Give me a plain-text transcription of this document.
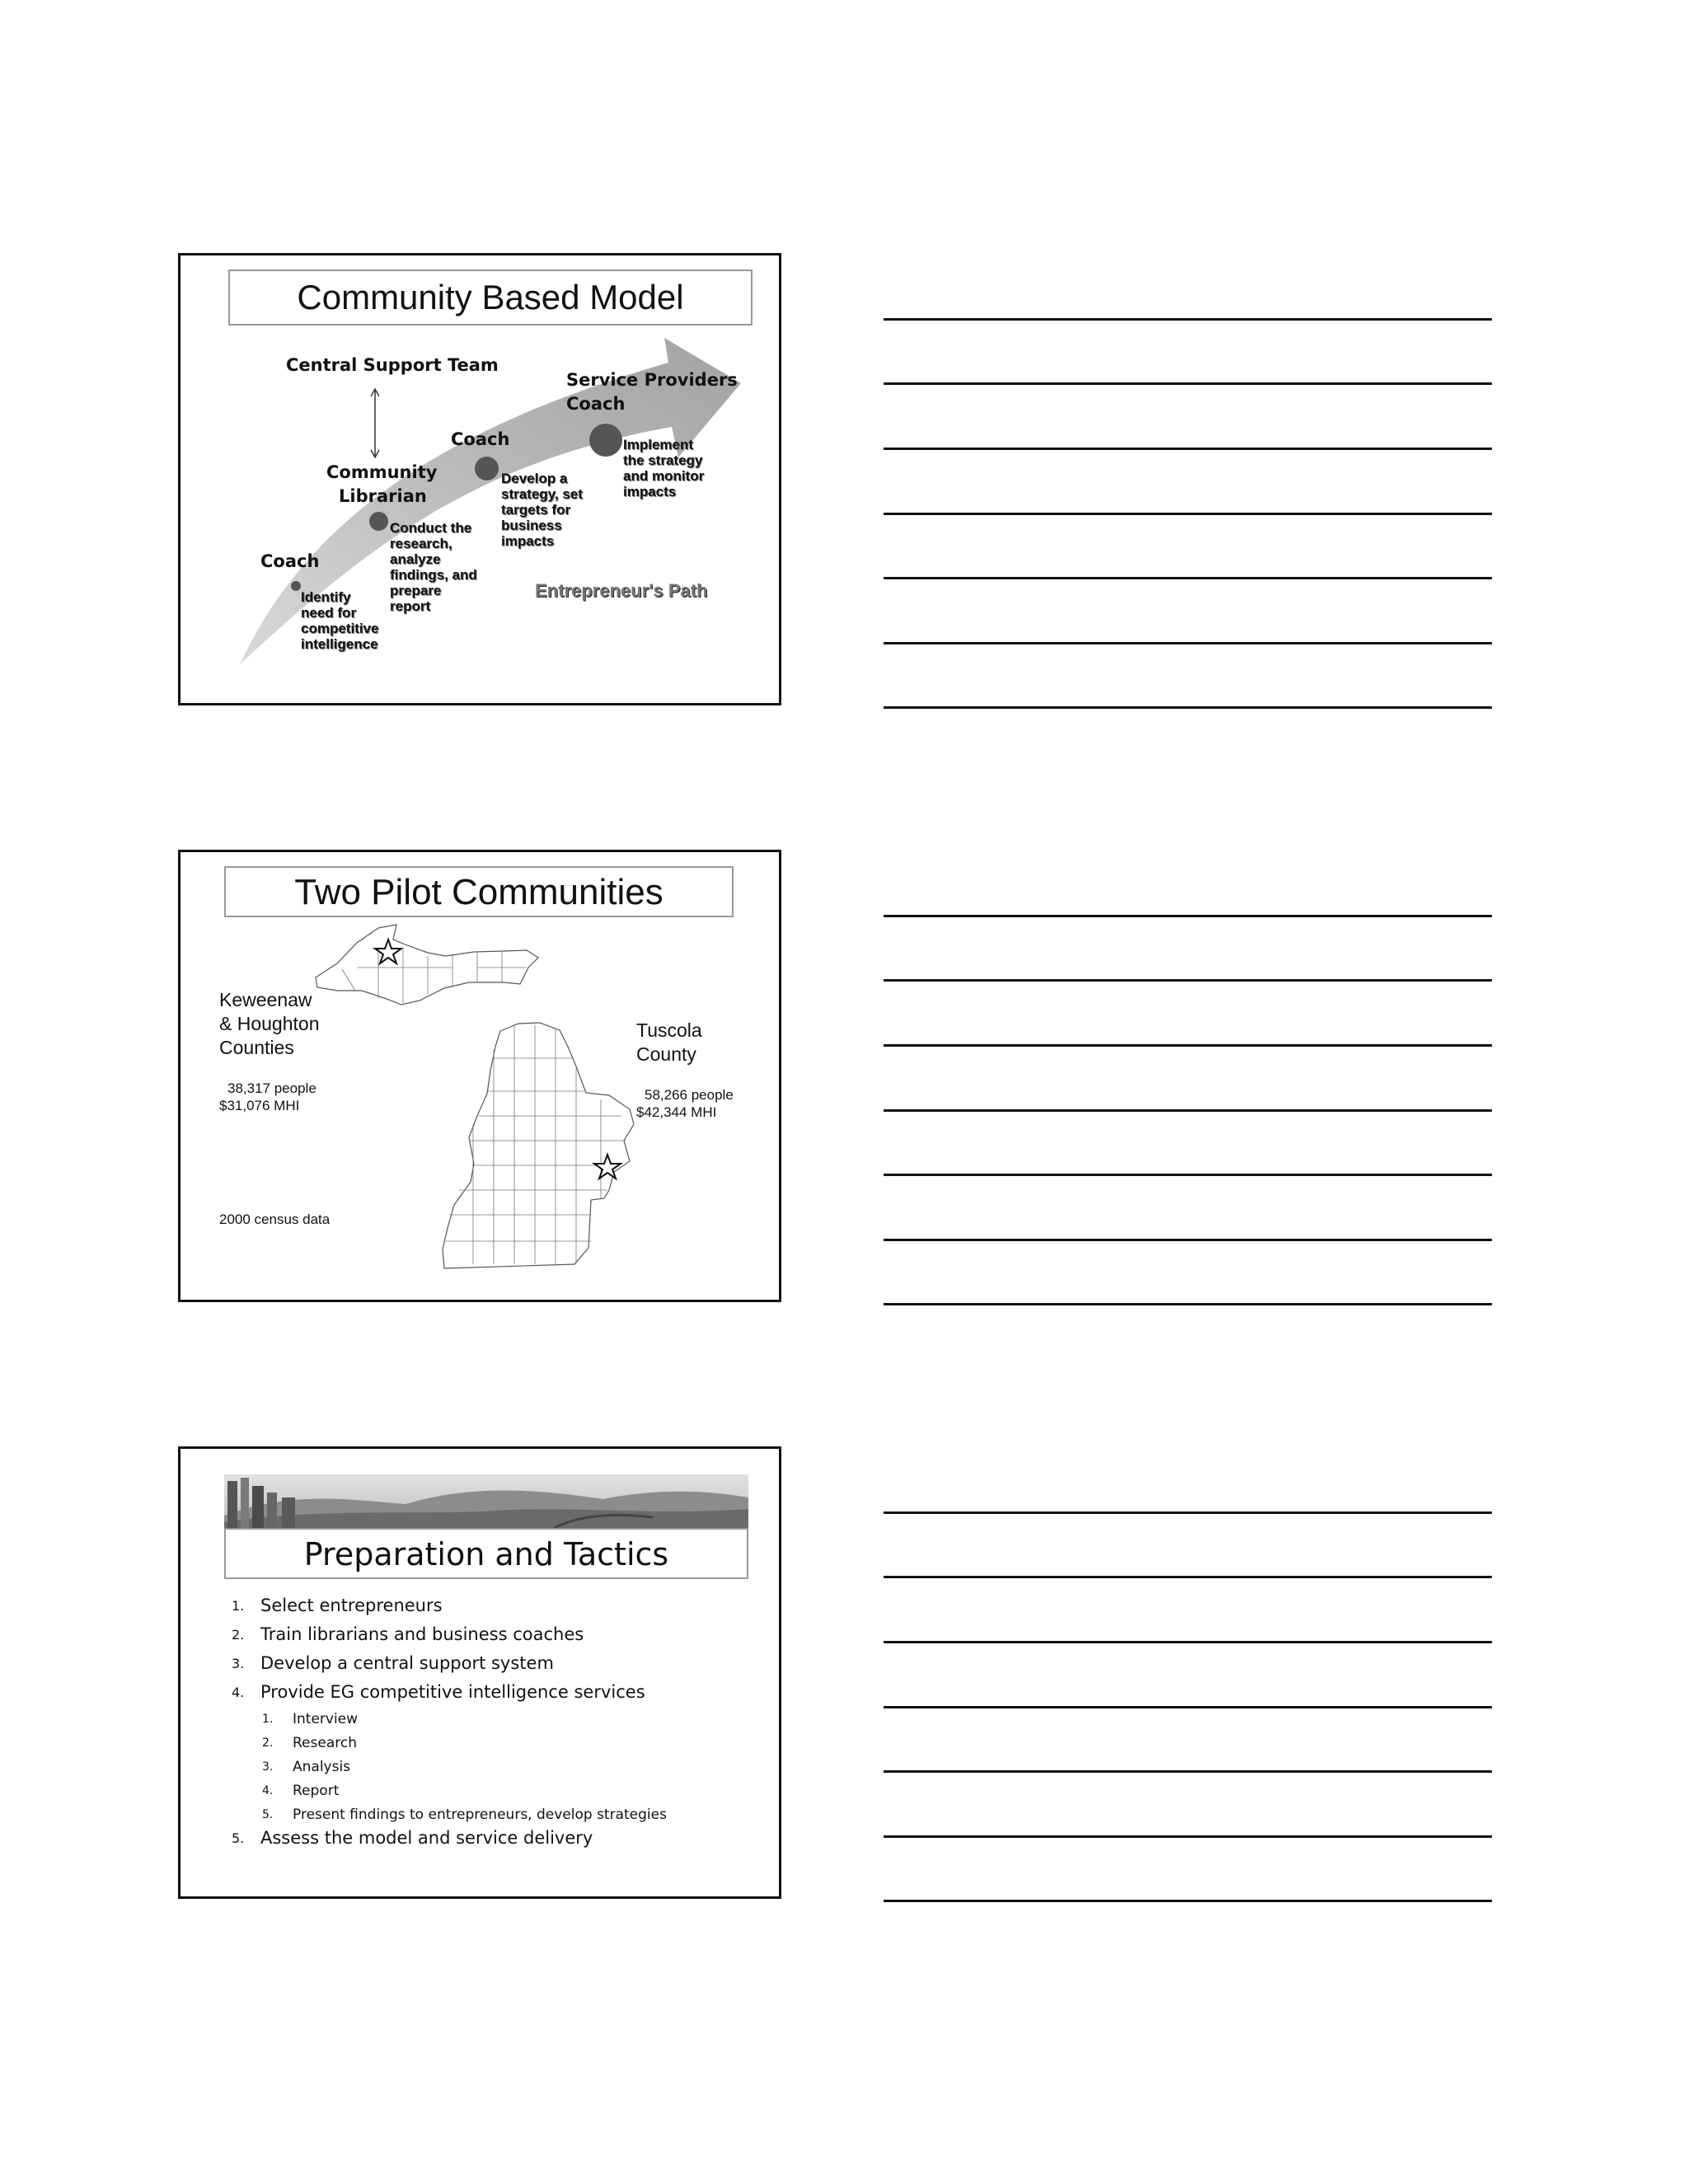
Community Based Model
Central Support Team
Service Providers
Coach
Coach
Community
Librarian
Coach
Identify
need for
competitive
intelligence
Conduct the
research,
analyze
findings, and
prepare
report
Develop a
strategy, set
targets for
business
impacts
Implement
the strategy
and monitor
impacts
Entrepreneur's Path
Two Pilot Communities
Keweenaw
& Houghton
Counties
38,317 people
$31,076 MHI
Tuscola
County
58,266 people
$42,344 MHI
2000 census data
Preparation and Tactics
1. Select entrepreneurs
2. Train librarians and business coaches
3. Develop a central support system
4. Provide EG competitive intelligence services
1. Interview
2. Research
3. Analysis
4. Report
5. Present findings to entrepreneurs, develop strategies
5. Assess the model and service delivery
